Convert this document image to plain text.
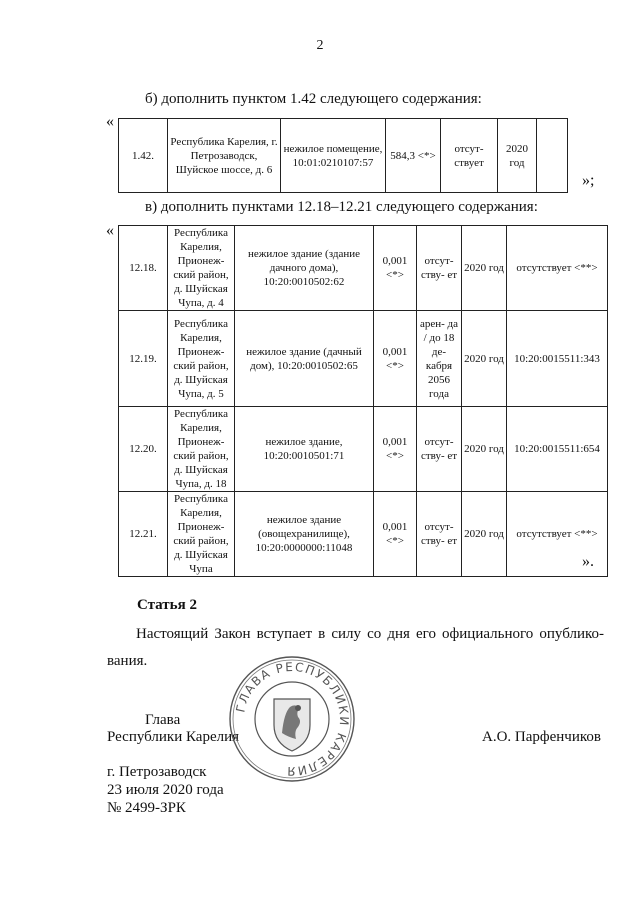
2
б) дополнить пунктом 1.42 следующего содержания:
«
1.42.	Республика Карелия, г. Петрозаводск, Шуйское шоссе, д. 6	нежилое помещение, 10:01:0210107:57	584,3 <*>	отсут- ствует	2020 год	
»;
в) дополнить пунктами 12.18–12.21 следующего содержания:
«
12.18.	Республика Карелия, Прионеж- ский район, д. Шуйская Чупа, д. 4	нежилое здание (здание дачного дома), 10:20:0010502:62	0,001 <*>	отсут- ству- ет	2020 год	отсутствует <**>
12.19.	Республика Карелия, Прионеж- ский район, д. Шуйская Чупа, д. 5	нежилое здание (дачный дом), 10:20:0010502:65	0,001 <*>	арен- да / до 18 де- кабря 2056 года	2020 год	10:20:0015511:343
12.20.	Республика Карелия, Прионеж- ский район, д. Шуйская Чупа, д. 18	нежилое здание, 10:20:0010501:71	0,001 <*>	отсут- ству- ет	2020 год	10:20:0015511:654
12.21.	Республика Карелия, Прионеж- ский район, д. Шуйская Чупа	нежилое здание (овощехранилище), 10:20:0000000:11048	0,001 <*>	отсут- ству- ет	2020 год	отсутствует <**>
».
Статья 2
Настоящий Закон вступает в силу со дня его официального опублико- вания.
Глава
Республики Карелия	А.О. Парфенчиков
ГЛАВА РЕСПУБЛИКИ КАРЕЛИЯ
г. Петрозаводск
23 июля 2020 года
№ 2499-ЗРК
